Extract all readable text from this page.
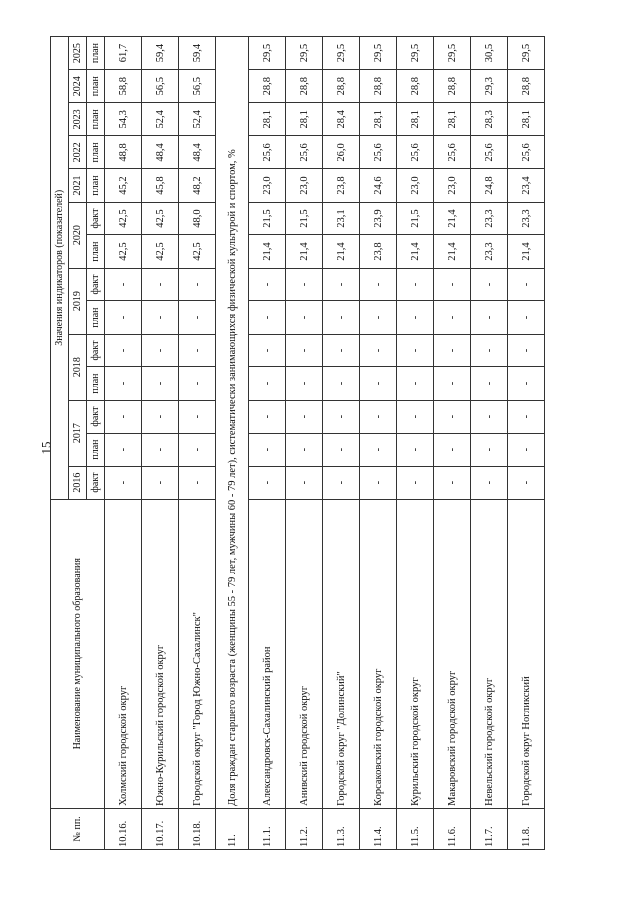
15
№ пп.	Наименование муниципального образования	Значения индикаторов (показателей)													
		2016	2017		2018		2019		2020		2021	2022	2023	2024	2025
		факт	план	факт	план	факт	план	факт	план	факт	план	план	план	план	план
10.16.	Холмский городской округ	-	-	-	-	-	-	-	42,5	42,5	45,2	48,8	54,3	58,8	61,7
10.17.	Южно-Курильский городской округ	-	-	-	-	-	-	-	42,5	42,5	45,8	48,4	52,4	56,5	59,4
10.18.	Городской округ "Город Южно-Сахалинск"	-	-	-	-	-	-	-	42,5	48,0	48,2	48,4	52,4	56,5	59,4
11.	Доля граждан старшего возраста (женщины 55 - 79 лет, мужчины 60 - 79 лет), систематически занимающихся физической культурой и спортом, %														
11.1.	Александровск-Сахалинский район	-	-	-	-	-	-	-	21,4	21,5	23,0	25,6	28,1	28,8	29,5
11.2.	Анивский городской округ	-	-	-	-	-	-	-	21,4	21,5	23,0	25,6	28,1	28,8	29,5
11.3.	Городской округ "Долинский"	-	-	-	-	-	-	-	21,4	23,1	23,8	26,0	28,4	28,8	29,5
11.4.	Корсаковский городской округ	-	-	-	-	-	-	-	23,8	23,9	24,6	25,6	28,1	28,8	29,5
11.5.	Курильский городской округ	-	-	-	-	-	-	-	21,4	21,5	23,0	25,6	28,1	28,8	29,5
11.6.	Макаровский городской округ	-	-	-	-	-	-	-	21,4	21,4	23,0	25,6	28,1	28,8	29,5
11.7.	Невельский городской округ	-	-	-	-	-	-	-	23,3	23,3	24,8	25,6	28,3	29,3	30,5
11.8.	Городской округ Ногликский	-	-	-	-	-	-	-	21,4	23,3	23,4	25,6	28,1	28,8	29,5
